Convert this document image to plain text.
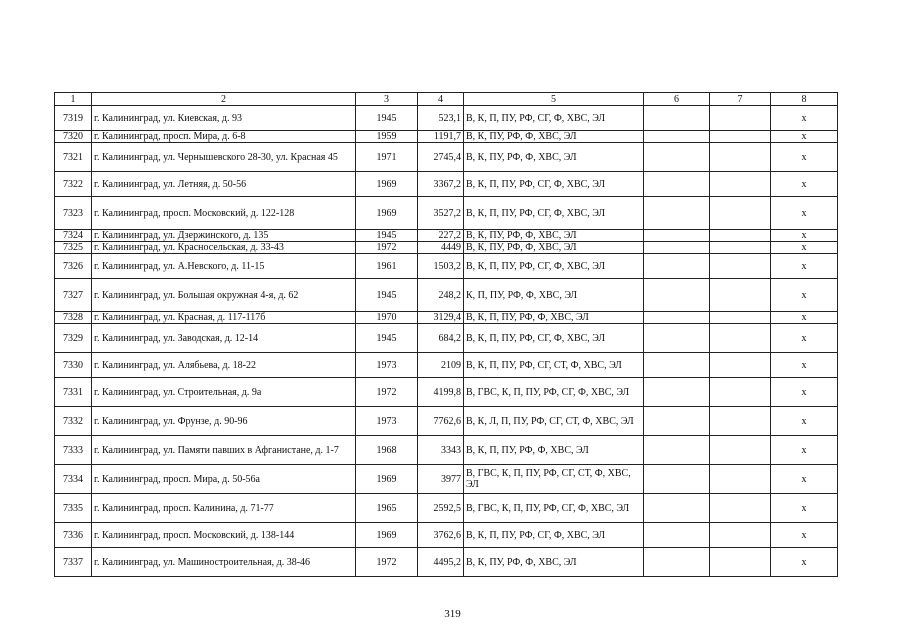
1	2	3	4	5	6	7	8
7319	г. Калининград, ул. Киевская, д. 93	1945	523,1	В, К, П, ПУ, РФ, СГ, Ф, ХВС, ЭЛ			x
7320	г. Калининград, просп. Мира, д. 6-8	1959	1191,7	В, К, ПУ, РФ, Ф, ХВС, ЭЛ			x
7321	г. Калининград, ул. Чернышевского 28-30, ул. Красная 45	1971	2745,4	В, К, ПУ, РФ, Ф, ХВС, ЭЛ			x
7322	г. Калининград, ул. Летняя, д. 50-56	1969	3367,2	В, К, П, ПУ, РФ, СГ, Ф, ХВС, ЭЛ			x
7323	г. Калининград, просп. Московский, д. 122-128	1969	3527,2	В, К, П, ПУ, РФ, СГ, Ф, ХВС, ЭЛ			x
7324	г. Калининград, ул. Дзержинского, д. 135	1945	227,2	В, К, ПУ, РФ, Ф, ХВС, ЭЛ			x
7325	г. Калининград, ул. Красносельская, д. 33-43	1972	4449	В, К, ПУ, РФ, Ф, ХВС, ЭЛ			x
7326	г. Калининград, ул. А.Невского, д. 11-15	1961	1503,2	В, К, П, ПУ, РФ, СГ, Ф, ХВС, ЭЛ			x
7327	г. Калининград, ул. Большая окружная 4-я, д. 62	1945	248,2	К, П, ПУ, РФ, Ф, ХВС, ЭЛ			x
7328	г. Калининград, ул. Красная, д. 117-117б	1970	3129,4	В, К, П, ПУ, РФ, Ф, ХВС, ЭЛ			x
7329	г. Калининград, ул. Заводская, д. 12-14	1945	684,2	В, К, П, ПУ, РФ, СГ, Ф, ХВС, ЭЛ			x
7330	г. Калининград, ул. Алябьева, д. 18-22	1973	2109	В, К, П, ПУ, РФ, СГ, СТ, Ф, ХВС, ЭЛ			x
7331	г. Калининград, ул. Строительная, д. 9а	1972	4199,8	В, ГВС, К, П, ПУ, РФ, СГ, Ф, ХВС, ЭЛ			x
7332	г. Калининград, ул. Фрунзе, д. 90-96	1973	7762,6	В, К, Л, П, ПУ, РФ, СГ, СТ, Ф, ХВС, ЭЛ			x
7333	г. Калининград, ул. Памяти павших в Афганистане, д. 1-7	1968	3343	В, К, П, ПУ, РФ, Ф, ХВС, ЭЛ			x
7334	г. Калининград, просп. Мира, д. 50-56а	1969	3977	В, ГВС, К, П, ПУ, РФ, СГ, СТ, Ф, ХВС, ЭЛ			x
7335	г. Калининград, просп. Калинина, д. 71-77	1965	2592,5	В, ГВС, К, П, ПУ, РФ, СГ, Ф, ХВС, ЭЛ			x
7336	г. Калининград, просп. Московский, д. 138-144	1969	3762,6	В, К, П, ПУ, РФ, СГ, Ф, ХВС, ЭЛ			x
7337	г. Калининград, ул. Машиностроительная, д. 38-46	1972	4495,2	В, К, ПУ, РФ, Ф, ХВС, ЭЛ			x
319
